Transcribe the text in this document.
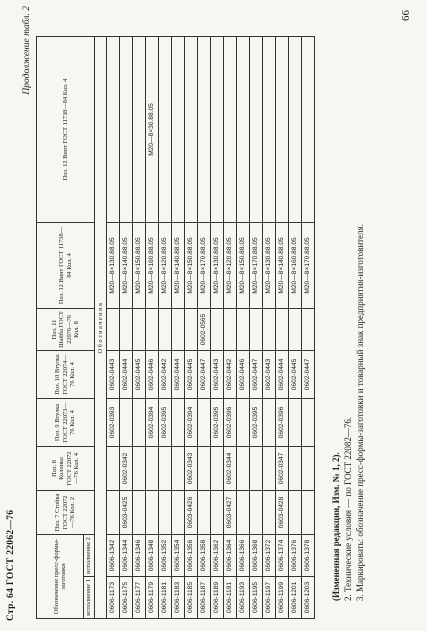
Стр. 64 ГОСТ 22062—76
Продолжение табл. 2
Обозначение пресс-формы-заготовки		Поз. 7 Стойка ГОСТ 22072—76 Кол. 2	Поз. 8 Колонка ГОСТ 22072—76 Кол. 4	Поз. 9 Втулка ГОСТ 22073—76 Кол. 4	Поз. 10 Втулка ГОСТ 22074—76 Кол. 4	Поз. 11 Шайба ГОСТ 22076—76 Кол. 8	Поз. 12 Винт ГОСТ 11738—84 Кол. 4	Поз. 12 Винт ГОСТ 11738—84 Кол. 4
исполнение 1	исполнение 2							
Обозначения								
0606-1173	0606-1342			0602-0393	0602-0443		М20—8×130.88.05	
0606-1175	0606-1344	0603-0425	0602-0342		0602-0444		М20—8×140.88.05	
0606-1177	0606-1346				0602-0445		М20—8×150.88.05	
0606-1179	0606-1348			0602-0394	0602-0446		М20—8×160.88.05	М20—8×30.88.05
0606-1181	0606-1352			0602-0395	0602-0442		М20—8×120.88.05	
0606-1183	0606-1354				0602-0444		М20—8×140.88.05	
0606-1185	0606-1356	0603-0426	0602-0343	0602-0394	0602-0445		М20—8×150.88.05	
0606-1187	0606-1358				0602-0447	0602-0565	М20—8×170.88.05	
0606-1189	0606-1362			0602-0395	0602-0443		М20—8×130.88.05	
0606-1191	0606-1364	0603-0427	0602-0344	0602-0396	0602-0442		М20—8×120.88.05	
0606-1193	0606-1366				0602-0446		М20—8×150.88.05	
0606-1195	0606-1368			0602-0395	0602-0447		М20—8×170.88.05	
0606-1197	0606-1372				0602-0443		М20—8×130.88.05	
0606-1199	0606-1374	0603-0428	0602-0347	0602-0396	0602-0444		М20—8×140.88.05	
0606-1201	0606-1376				0602-0445		М20—8×160.88.05	
0606-1203	0606-1378				0602-0447		М20—8×170.88.05	
(Измененная редакция, Изм. № 1, 2). 2. Технические условия — по ГОСТ 22082—76. 3. Маркировать: обозначение пресс-формы-заготовки и товарный знак предприятия-изготовителя.
66
